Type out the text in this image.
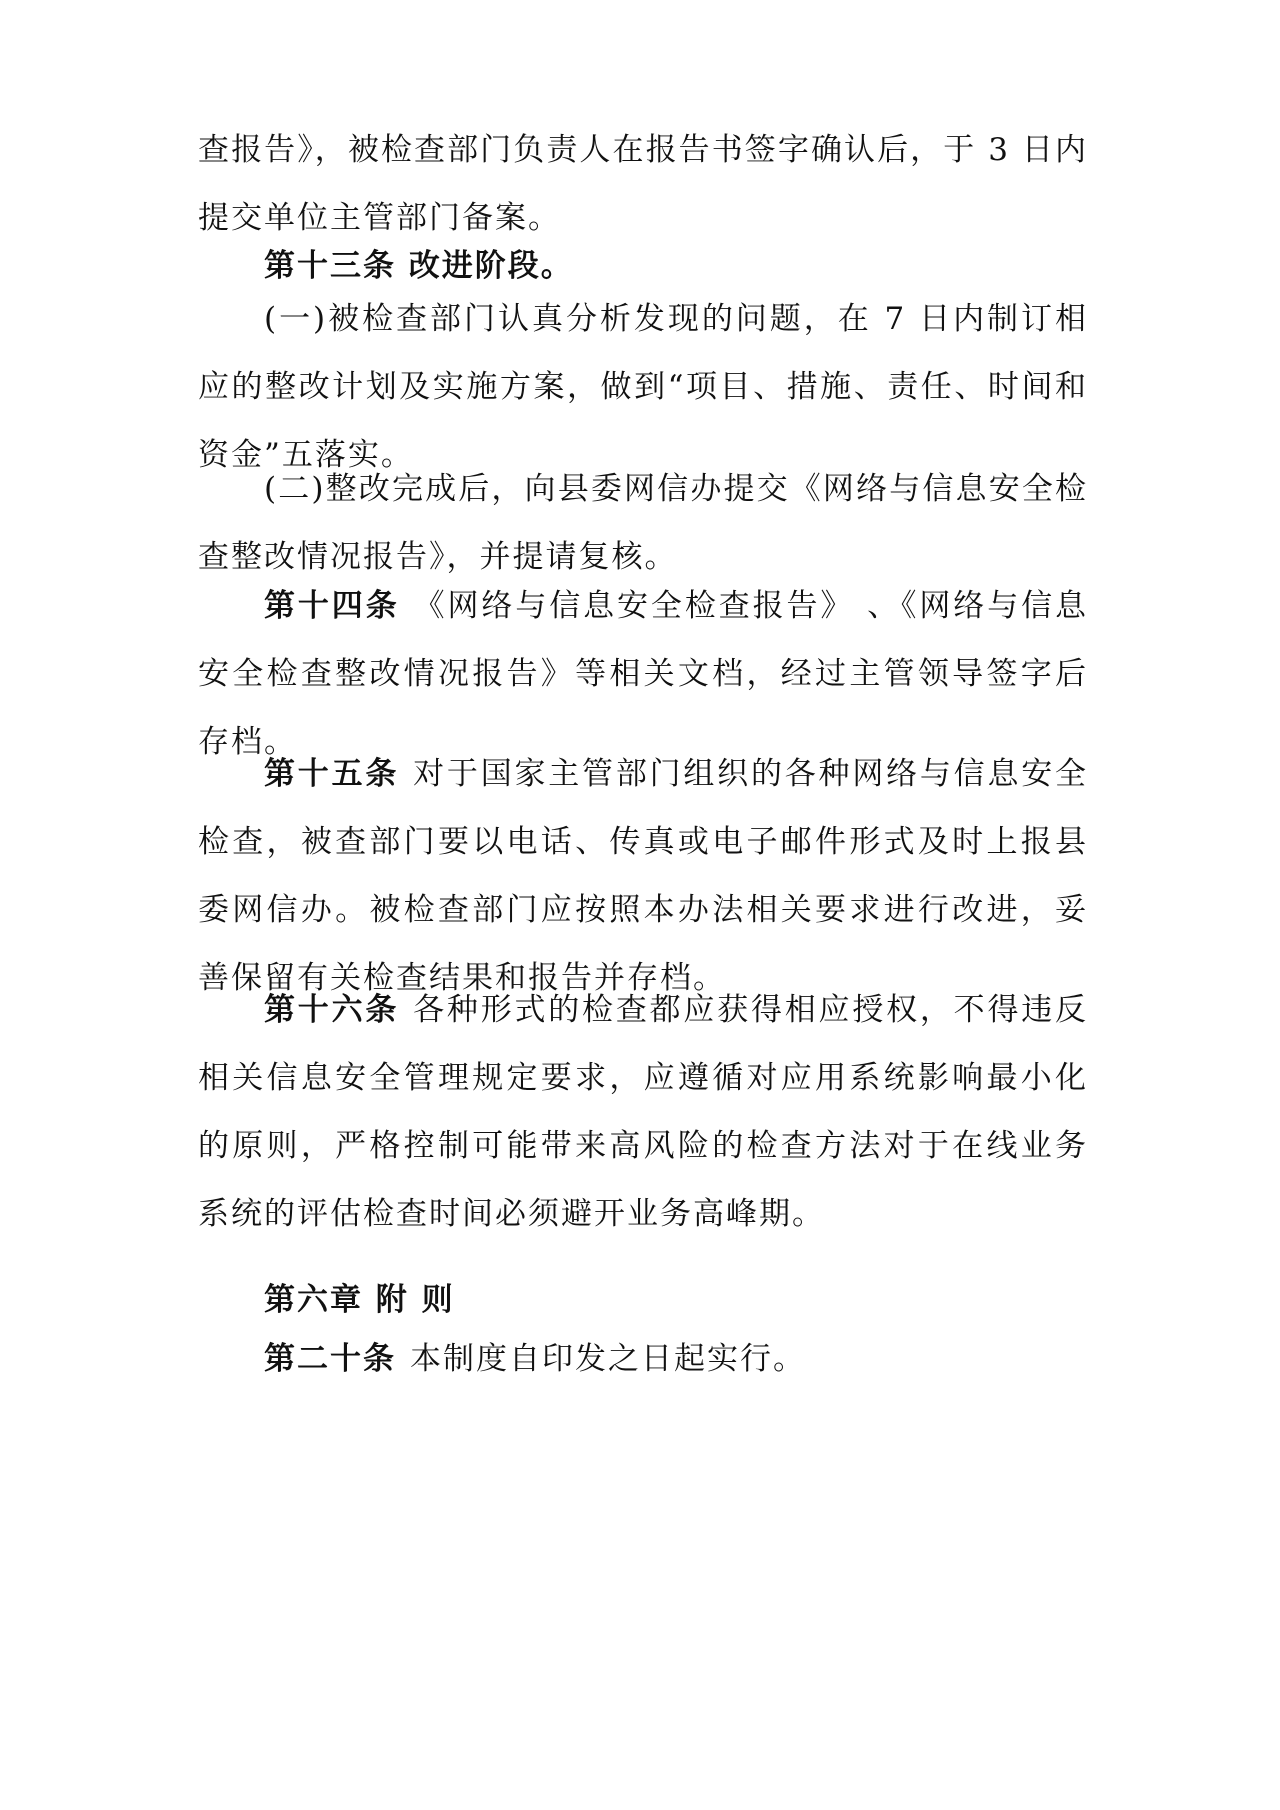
查报告》，被检查部门负责人在报告书签字确认后，于 3 日内提交单位主管部门备案。

第十三条 改进阶段。

(一)被检查部门认真分析发现的问题，在 7 日内制订相应的整改计划及实施方案，做到“项目、措施、责任、时间和资金”五落实。

(二)整改完成后，向县委网信办提交《网络与信息安全检查整改情况报告》，并提请复核。

第十四条 《网络与信息安全检查报告》 、《网络与信息安全检查整改情况报告》等相关文档，经过主管领导签字后存档。

第十五条 对于国家主管部门组织的各种网络与信息安全检查，被查部门要以电话、传真或电子邮件形式及时上报县委网信办。被检查部门应按照本办法相关要求进行改进，妥善保留有关检查结果和报告并存档。

第十六条 各种形式的检查都应获得相应授权，不得违反相关信息安全管理规定要求，应遵循对应用系统影响最小化的原则，严格控制可能带来高风险的检查方法对于在线业务系统的评估检查时间必须避开业务高峰期。

第六章 附 则

第二十条 本制度自印发之日起实行。
